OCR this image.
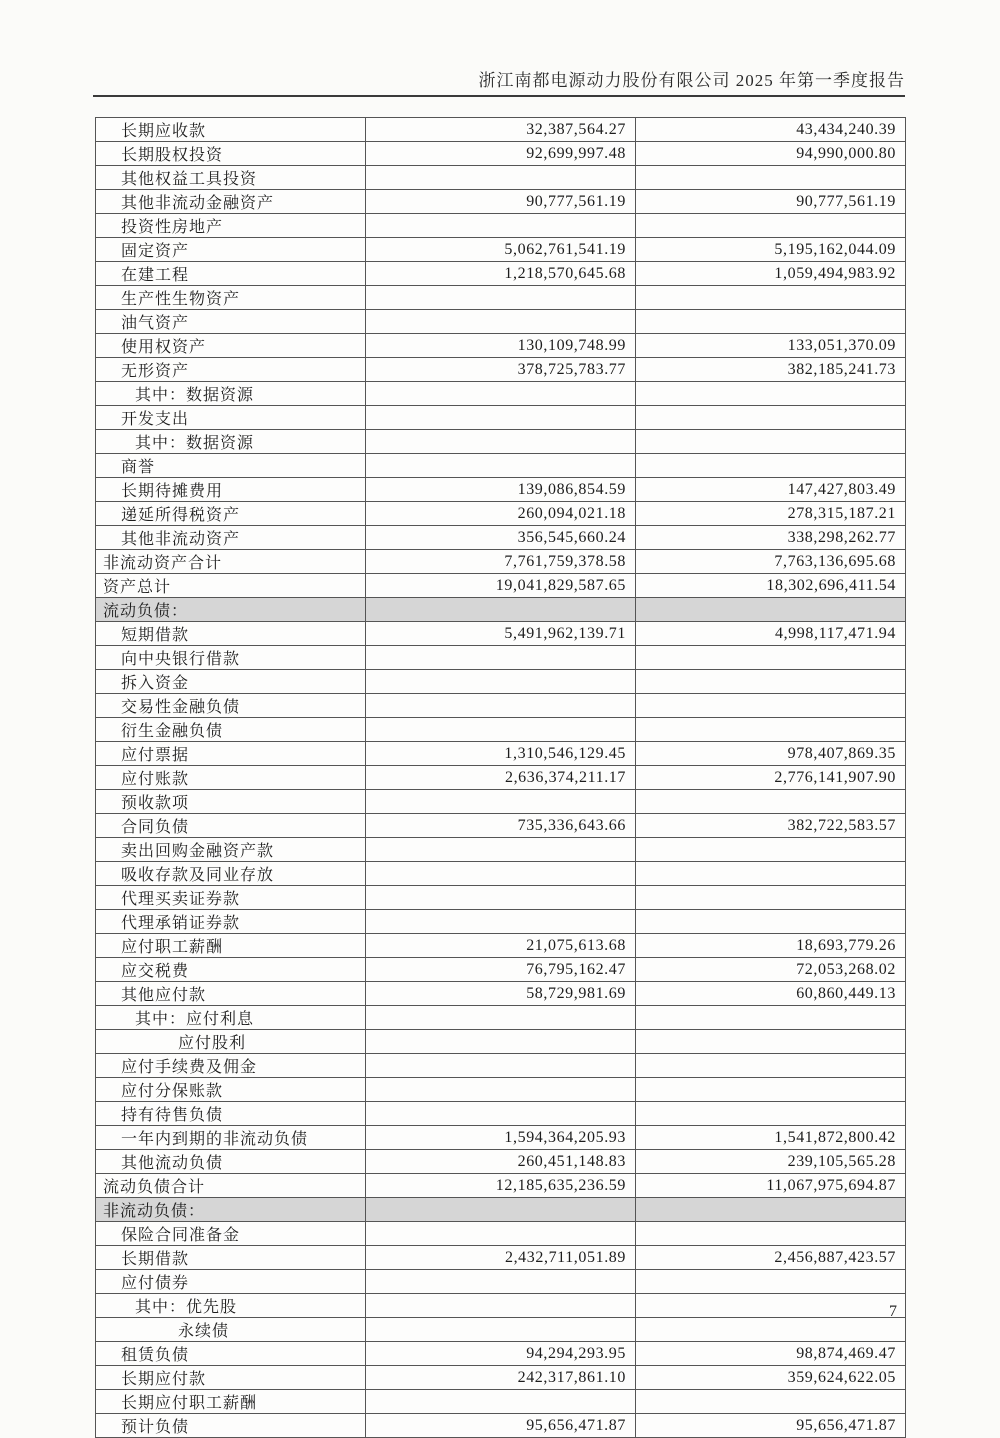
浙江南都电源动力股份有限公司 2025 年第一季度报告
长期应收款	32,387,564.27	43,434,240.39
长期股权投资	92,699,997.48	94,990,000.80
其他权益工具投资		
其他非流动金融资产	90,777,561.19	90,777,561.19
投资性房地产		
固定资产	5,062,761,541.19	5,195,162,044.09
在建工程	1,218,570,645.68	1,059,494,983.92
生产性生物资产		
油气资产		
使用权资产	130,109,748.99	133,051,370.09
无形资产	378,725,783.77	382,185,241.73
其中：数据资源		
开发支出		
其中：数据资源		
商誉		
长期待摊费用	139,086,854.59	147,427,803.49
递延所得税资产	260,094,021.18	278,315,187.21
其他非流动资产	356,545,660.24	338,298,262.77
非流动资产合计	7,761,759,378.58	7,763,136,695.68
资产总计	19,041,829,587.65	18,302,696,411.54
流动负债：		
短期借款	5,491,962,139.71	4,998,117,471.94
向中央银行借款		
拆入资金		
交易性金融负债		
衍生金融负债		
应付票据	1,310,546,129.45	978,407,869.35
应付账款	2,636,374,211.17	2,776,141,907.90
预收款项		
合同负债	735,336,643.66	382,722,583.57
卖出回购金融资产款		
吸收存款及同业存放		
代理买卖证券款		
代理承销证券款		
应付职工薪酬	21,075,613.68	18,693,779.26
应交税费	76,795,162.47	72,053,268.02
其他应付款	58,729,981.69	60,860,449.13
其中：应付利息		
应付股利		
应付手续费及佣金		
应付分保账款		
持有待售负债		
一年内到期的非流动负债	1,594,364,205.93	1,541,872,800.42
其他流动负债	260,451,148.83	239,105,565.28
流动负债合计	12,185,635,236.59	11,067,975,694.87
非流动负债：		
保险合同准备金		
长期借款	2,432,711,051.89	2,456,887,423.57
应付债券		
其中：优先股		
永续债		
租赁负债	94,294,293.95	98,874,469.47
长期应付款	242,317,861.10	359,624,622.05
长期应付职工薪酬		
预计负债	95,656,471.87	95,656,471.87
7
